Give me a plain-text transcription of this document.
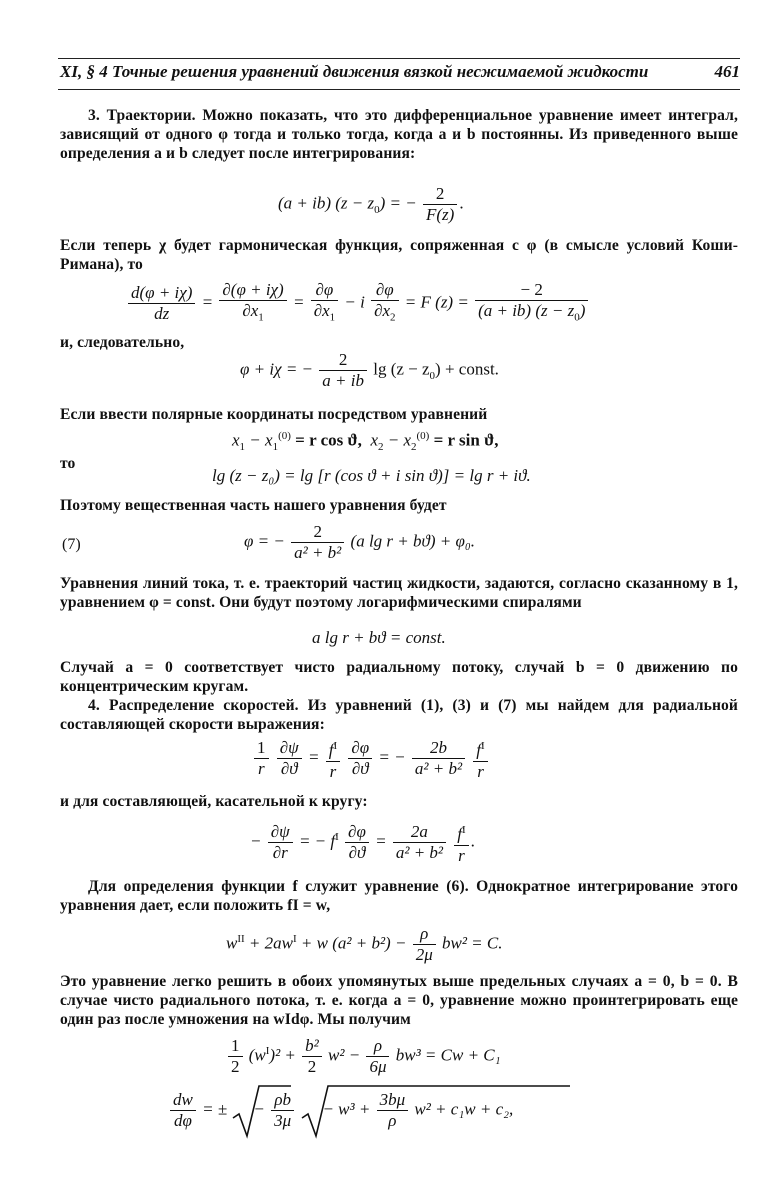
XI, § 4 Точные решения уравнений движения вязкой несжимаемой жидкости	461
3. Траектории. Можно показать, что это дифференциальное уравнение имеет интеграл, зависящий от одного φ тогда и только тогда, когда a и b постоянны. Из приведенного выше определения a и b следует после интегрирования:
(a + ib) $(z - z_0)$ = − $\frac{2}{F(z)}$ .
Если теперь χ будет гармоническая функция, сопряженная с φ (в смысле условий Коши-Римана), то
$\frac{d(\varphi + i\chi)}{dz} = \frac{\partial(\varphi + i\chi)}{\partial x_1} = \frac{\partial\varphi}{\partial x_1} - i \frac{\partial\varphi}{\partial x_2} = F$ $(z) = \frac{- 2}{(a + ib) (z - z_0)}$
и, следовательно,
φ + iχ = − $\frac{2}{a + ib}$ $\lg (z - z_0)$ + const.
Если ввести полярные координаты посредством уравнений
$x_1 - x_1^{(0)} = r$ cos ϑ,  $x_2 - x_2^{(0)} = r$ sin ϑ,
то
lg (z − z₀) = lg [r (cos ϑ + i sin ϑ)] = lg r + iϑ.
Поэтому вещественная часть нашего уравнения будет
(7)	φ = − $\frac{2}{\text{a² + b²}} (a$ lg r + bϑ) + φ₀.
Уравнения линий тока, т. е. траекторий частиц жидкости, задаются, согласно сказанному в 1, уравнением φ = const. Они будут поэтому логарифмическими спиралями
a lg r + bϑ = const.
Случай a = 0 соответствует чисто радиальному потоку, случай b = 0 движению по концентрическим кругам.
4. Распределение скоростей. Из уравнений (1), (3) и (7) мы найдем для радиальной составляющей скорости выражения:
$\frac{1}{r}$
$\frac{\partial\psi}{\partial ϑ} = \frac{f^I}{r}$
$\frac{\partial\varphi}{\partial ϑ}$ = − $\frac{2b}{\text{a² + b²}}$
$\frac{f^I}{r}$
и для составляющей, касательной к кругу:
− $\frac{\partial\psi}{\partial r}$ = − $f^I \frac{\partial\varphi}{\partial ϑ} = \frac{2a}{\text{a² + b²}}$
$\frac{f^I}{r}$ .
Для определения функции f служит уравнение (6). Однократное интегрирование этого уравнения дает, если положить fI = w,
$w^{II} + 2aw^I + w$ $(a^2 + b^2) - \frac{\rho}{2\mu} bw^2 = C$.
Это уравнение легко решить в обоих упомянутых выше предельных случаях a = 0, b = 0. В случае чисто радиального потока, т. е. когда a = 0, уравнение можно проинтегрировать еще один раз после умножения на wIdφ. Мы получим
$\frac{1}{2} (w^I)^2 + \frac{\text{b²}}{2} w^2 - \frac{\rho}{6\mu} bw^3 = Cw + C_1$
$\frac{dw}{d\varphi}$ = ±
− $\frac{\rho b}{3\mu}$
− $w^3 + \frac{3b\mu}{\rho} w^2 + c_1w + c_2$,
